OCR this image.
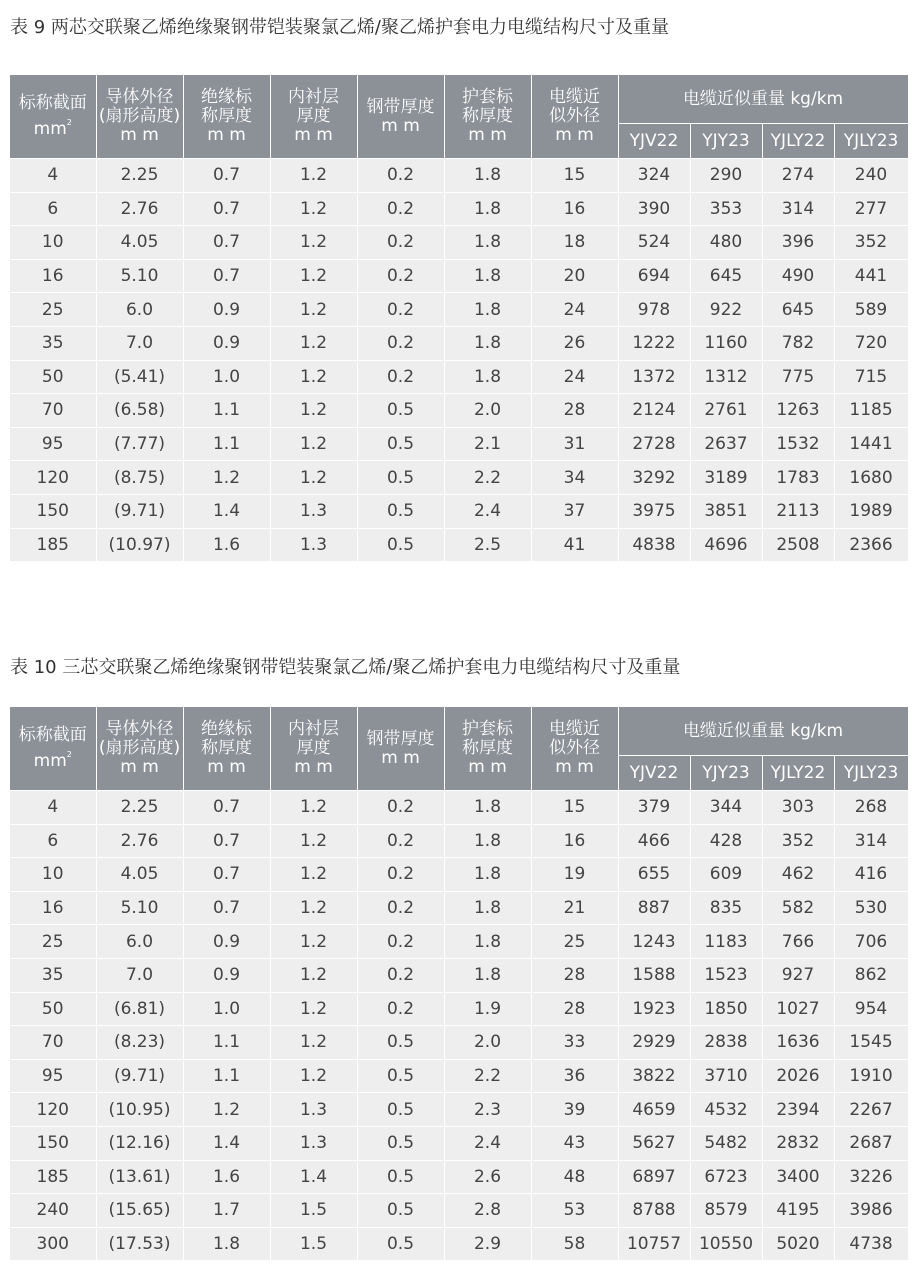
表 9 两芯交联聚乙烯绝缘聚钢带铠装聚氯乙烯/聚乙烯护套电力电缆结构尺寸及重量
标称截面
$mm^2$	导体外径
(扇形高度)
m m	绝缘标
称厚度
m m	内衬层
厚度
m m	钢带厚度
m m	护套标
称厚度
m m	电缆近
似外径
m m	电缆近似重量 kg/km			
							YJV22	YJY23	YJLY22	YJLY23
4	2.25	0.7	1.2	0.2	1.8	15	324	290	274	240
6	2.76	0.7	1.2	0.2	1.8	16	390	353	314	277
10	4.05	0.7	1.2	0.2	1.8	18	524	480	396	352
16	5.10	0.7	1.2	0.2	1.8	20	694	645	490	441
25	6.0	0.9	1.2	0.2	1.8	24	978	922	645	589
35	7.0	0.9	1.2	0.2	1.8	26	1222	1160	782	720
50	(5.41)	1.0	1.2	0.2	1.8	24	1372	1312	775	715
70	(6.58)	1.1	1.2	0.5	2.0	28	2124	2761	1263	1185
95	(7.77)	1.1	1.2	0.5	2.1	31	2728	2637	1532	1441
120	(8.75)	1.2	1.2	0.5	2.2	34	3292	3189	1783	1680
150	(9.71)	1.4	1.3	0.5	2.4	37	3975	3851	2113	1989
185	(10.97)	1.6	1.3	0.5	2.5	41	4838	4696	2508	2366
表 10 三芯交联聚乙烯绝缘聚钢带铠装聚氯乙烯/聚乙烯护套电力电缆结构尺寸及重量
标称截面
$mm^2$	导体外径
(扇形高度)
m m	绝缘标
称厚度
m m	内衬层
厚度
m m	钢带厚度
m m	护套标
称厚度
m m	电缆近
似外径
m m	电缆近似重量 kg/km			
							YJV22	YJY23	YJLY22	YJLY23
4	2.25	0.7	1.2	0.2	1.8	15	379	344	303	268
6	2.76	0.7	1.2	0.2	1.8	16	466	428	352	314
10	4.05	0.7	1.2	0.2	1.8	19	655	609	462	416
16	5.10	0.7	1.2	0.2	1.8	21	887	835	582	530
25	6.0	0.9	1.2	0.2	1.8	25	1243	1183	766	706
35	7.0	0.9	1.2	0.2	1.8	28	1588	1523	927	862
50	(6.81)	1.0	1.2	0.2	1.9	28	1923	1850	1027	954
70	(8.23)	1.1	1.2	0.5	2.0	33	2929	2838	1636	1545
95	(9.71)	1.1	1.2	0.5	2.2	36	3822	3710	2026	1910
120	(10.95)	1.2	1.3	0.5	2.3	39	4659	4532	2394	2267
150	(12.16)	1.4	1.3	0.5	2.4	43	5627	5482	2832	2687
185	(13.61)	1.6	1.4	0.5	2.6	48	6897	6723	3400	3226
240	(15.65)	1.7	1.5	0.5	2.8	53	8788	8579	4195	3986
300	(17.53)	1.8	1.5	0.5	2.9	58	10757	10550	5020	4738
